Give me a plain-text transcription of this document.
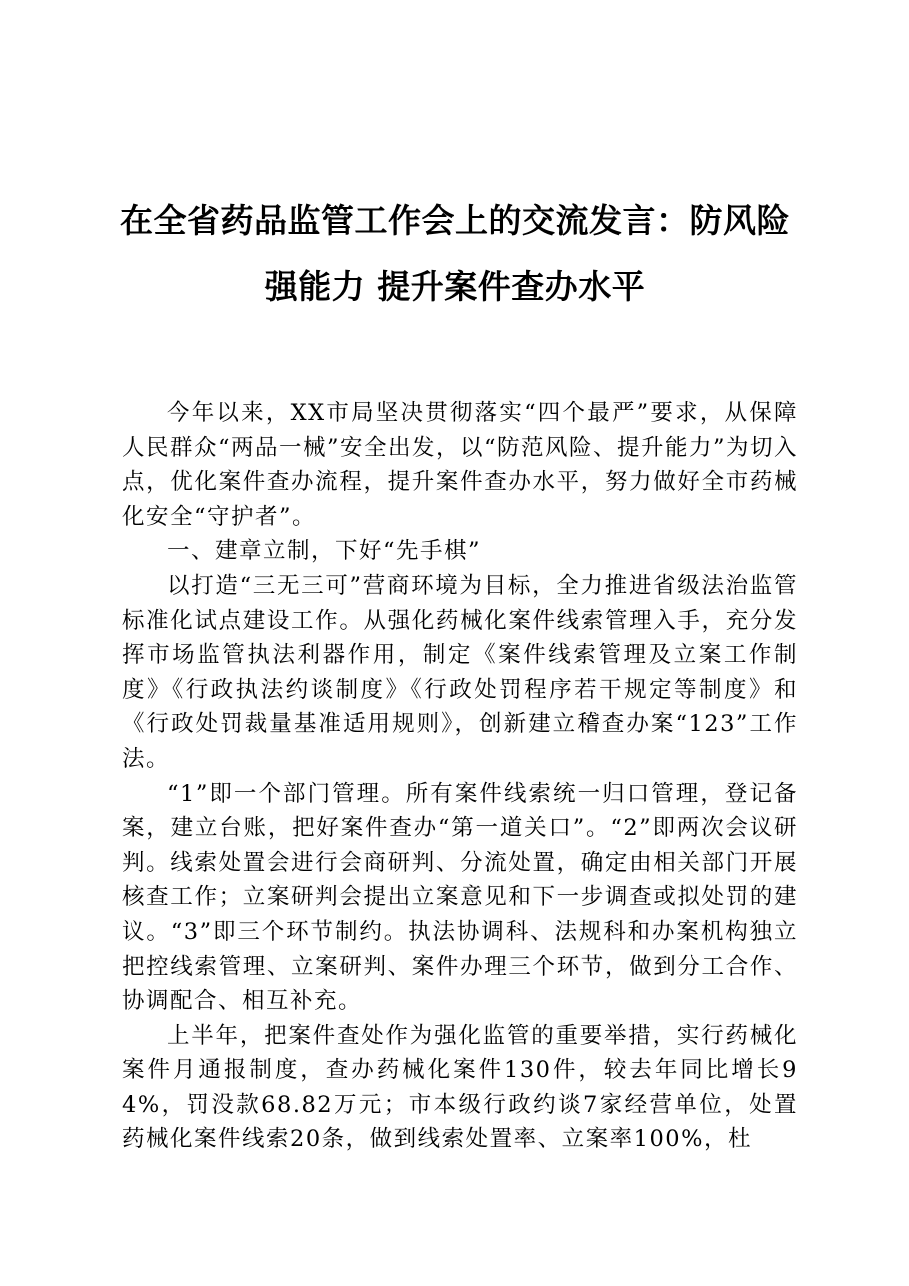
在全省药品监管工作会上的交流发言：防风险
强能力 提升案件查办水平

今年以来，XX市局坚决贯彻落实“四个最严”要求，从保障人民群众“两品一械”安全出发，以“防范风险、提升能力”为切入点，优化案件查办流程，提升案件查办水平，努力做好全市药械化安全“守护者”。

一、建章立制，下好“先手棋”

以打造“三无三可”营商环境为目标，全力推进省级法治监管标准化试点建设工作。从强化药械化案件线索管理入手，充分发挥市场监管执法利器作用，制定《案件线索管理及立案工作制度》《行政执法约谈制度》《行政处罚程序若干规定等制度》和《行政处罚裁量基准适用规则》，创新建立稽查办案“123”工作法。

“1”即一个部门管理。所有案件线索统一归口管理，登记备案，建立台账，把好案件查办“第一道关口”。“2”即两次会议研判。线索处置会进行会商研判、分流处置，确定由相关部门开展核查工作；立案研判会提出立案意见和下一步调查或拟处罚的建议。“3”即三个环节制约。执法协调科、法规科和办案机构独立把控线索管理、立案研判、案件办理三个环节，做到分工合作、协调配合、相互补充。

上半年，把案件查处作为强化监管的重要举措，实行药械化案件月通报制度，查办药械化案件130件，较去年同比增长94%，罚没款68.82万元；市本级行政约谈7家经营单位，处置药械化案件线索20条，做到线索处置率、立案率100%，杜
